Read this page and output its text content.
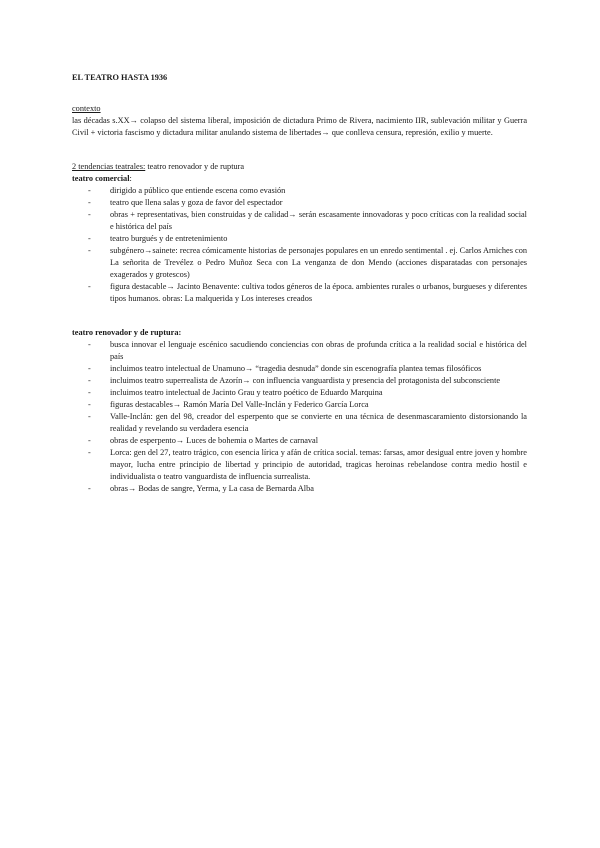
EL TEATRO HASTA 1936

contexto

las décadas s.XX→ colapso del sistema liberal, imposición de dictadura Primo de Rivera, nacimiento IIR, sublevación militar y Guerra Civil + victoria fascismo y dictadura militar anulando sistema de libertades→ que conlleva censura, represión, exilio y muerte.

2 tendencias teatrales: teatro renovador y de ruptura

teatro comercial:

- dirigido a público que entiende escena como evasión
- teatro que llena salas y goza de favor del espectador
- obras + representativas, bien construidas y de calidad→ serán escasamente innovadoras y poco críticas con la realidad social e histórica del país
- teatro burgués y de entretenimiento
- subgénero→sainete: recrea cómicamente historias de personajes populares en un enredo sentimental . ej. Carlos Arniches con La señorita de Trevélez o Pedro Muñoz Seca con La venganza de don Mendo (acciones disparatadas con personajes exagerados y grotescos)
- figura destacable→ Jacinto Benavente: cultiva todos géneros de la época. ambientes rurales o urbanos, burgueses y diferentes tipos humanos. obras: La malquerida y Los intereses creados

teatro renovador y de ruptura:

- busca innovar el lenguaje escénico sacudiendo conciencias con obras de profunda crítica a la realidad social e histórica del país
- incluimos teatro intelectual de Unamuno→ “tragedia desnuda” donde sin escenografía plantea temas filosóficos
- incluimos teatro superrealista de Azorín→ con influencia vanguardista y presencia del protagonista del subconsciente
- incluimos teatro intelectual de Jacinto Grau y teatro poético de Eduardo Marquina
- figuras destacables→ Ramón María Del Valle-Inclán y Federico García Lorca
- Valle-Inclán: gen del 98, creador del esperpento que se convierte en una técnica de desenmascaramiento distorsionando la realidad y revelando su verdadera esencia
- obras de esperpento→ Luces de bohemia o Martes de carnaval
- Lorca: gen del 27, teatro trágico, con esencia lírica y afán de crítica social. temas: farsas, amor desigual entre joven y hombre mayor, lucha entre principio de libertad y principio de autoridad, tragicas heroinas rebelandose contra medio hostil e individualista o teatro vanguardista de influencia surrealista.
- obras→ Bodas de sangre, Yerma, y La casa de Bernarda Alba
